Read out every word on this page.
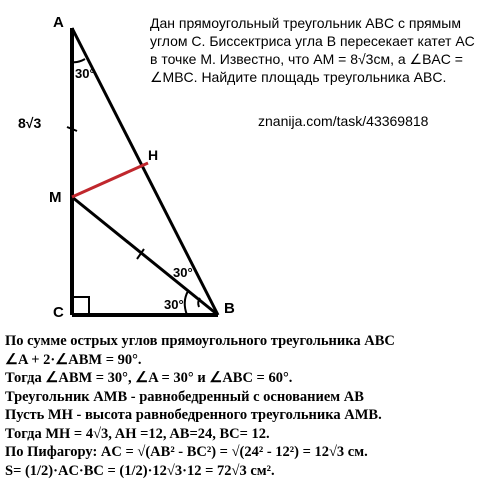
A
C	B
M
H
8√3
30°
30°
30°
Дан прямоугольный треугольник ABC с прямым углом C. Биссектриса угла B пересекает катет AC в точке M. Известно, что AM = 8√3см, а ∠BAC = ∠MBC. Найдите площадь треугольника ABC.
znanija.com/task/43369818
По сумме острых углов прямоугольного треугольника ABC
∠A + 2·∠ABM = 90°.
Тогда ∠ABM = 30°, ∠A = 30° и ∠ABC = 60°.
Треугольник AMB - равнобедренный с основанием AB
Пусть MH - высота равнобедренного треугольника AMB.
Тогда MH = 4√3, AH =12, AB=24, BC= 12.
По Пифагору: AC = √(AB² - BC²) = √(24² - 12²) = 12√3 см.
S= (1/2)·AC·BC = (1/2)·12√3·12 = 72√3 см².
